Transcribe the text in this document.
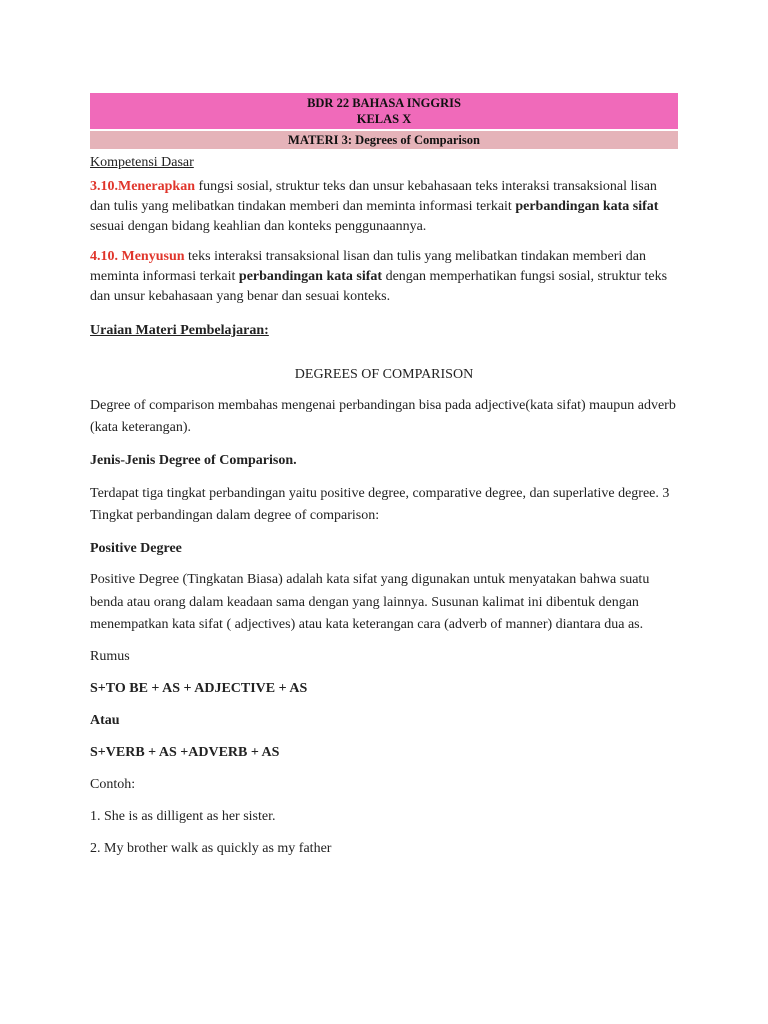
BDR 22 BAHASA INGGRIS
KELAS X
MATERI 3: Degrees of Comparison

Kompetensi Dasar

3.10.Menerapkan fungsi sosial, struktur teks dan unsur kebahasaan teks interaksi transaksional lisan dan tulis yang melibatkan tindakan memberi dan meminta informasi terkait perbandingan kata sifat sesuai dengan bidang keahlian dan konteks penggunaannya.

4.10. Menyusun teks interaksi transaksional lisan dan tulis yang melibatkan tindakan memberi dan meminta informasi terkait perbandingan kata sifat dengan memperhatikan fungsi sosial, struktur teks dan unsur kebahasaan yang benar dan sesuai konteks.

Uraian Materi Pembelajaran:

DEGREES OF COMPARISON

Degree of comparison membahas mengenai perbandingan bisa pada adjective(kata sifat) maupun adverb (kata keterangan).

Jenis-Jenis Degree of Comparison.

Terdapat tiga tingkat perbandingan yaitu positive degree, comparative degree, dan superlative degree. 3 Tingkat perbandingan dalam degree of comparison:

Positive Degree

Positive Degree (Tingkatan Biasa) adalah kata sifat yang digunakan untuk menyatakan bahwa suatu benda atau orang dalam keadaan sama dengan yang lainnya. Susunan kalimat ini dibentuk dengan menempatkan kata sifat ( adjectives) atau kata keterangan cara (adverb of manner) diantara dua as.

Rumus

S+TO BE + AS + ADJECTIVE + AS

Atau

S+VERB + AS +ADVERB + AS

Contoh:

1. She is as dilligent as her sister.

2. My brother walk as quickly as my father
